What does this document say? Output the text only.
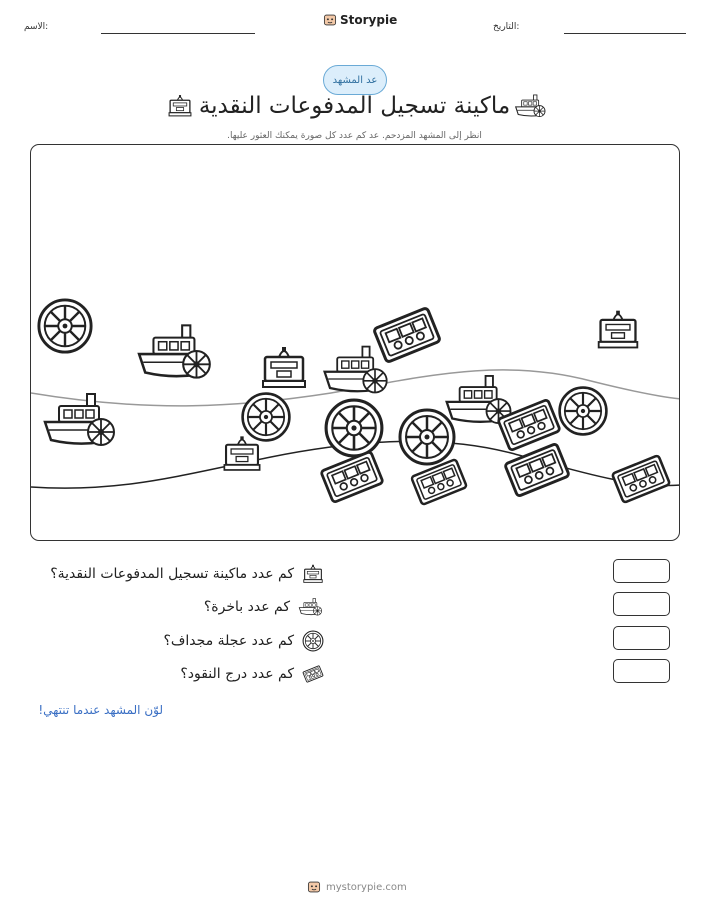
الاسم:	Storypie	التاريخ:
عد المشهد
ماكينة تسجيل المدفوعات النقدية
انظر إلى المشهد المزدحم. عد كم عدد كل صورة يمكنك العثور عليها.
كم عدد ماكينة تسجيل المدفوعات النقدية؟
كم عدد باخرة؟
كم عدد عجلة مجداف؟
كم عدد درج النقود؟
لوّن المشهد عندما تنتهي!
mystorypie.com
